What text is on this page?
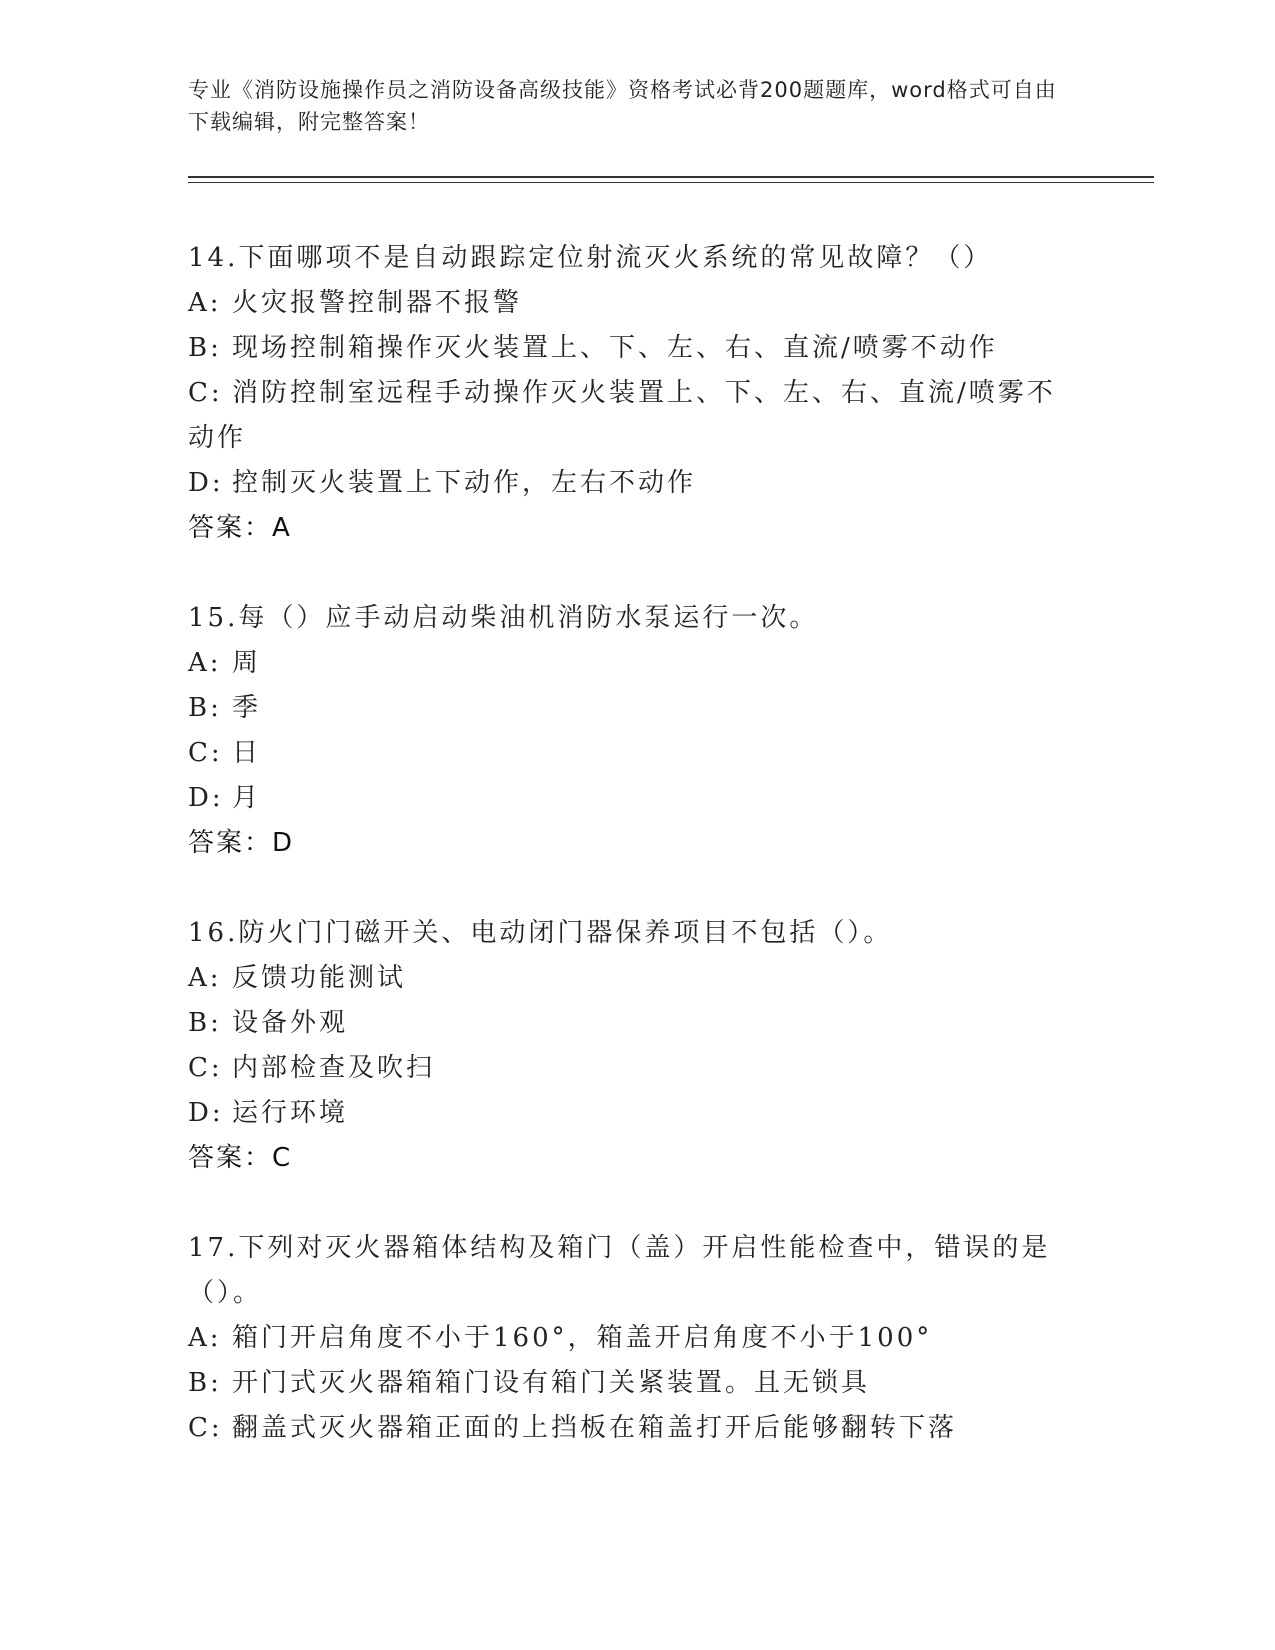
专业《消防设施操作员之消防设备高级技能》资格考试必背200题题库，word格式可自由下载编辑，附完整答案！

14.下面哪项不是自动跟踪定位射流灭火系统的常见故障？（）

A: 火灾报警控制器不报警

B: 现场控制箱操作灭火装置上、下、左、右、直流/喷雾不动作

C: 消防控制室远程手动操作灭火装置上、下、左、右、直流/喷雾不动作

D: 控制灭火装置上下动作，左右不动作

答案：A

15.每（）应手动启动柴油机消防水泵运行一次。

A: 周

B: 季

C: 日

D: 月

答案：D

16.防火门门磁开关、电动闭门器保养项目不包括（）。

A: 反馈功能测试

B: 设备外观

C: 内部检查及吹扫

D: 运行环境

答案：C

17.下列对灭火器箱体结构及箱门（盖）开启性能检查中，错误的是（）。

A: 箱门开启角度不小于160°，箱盖开启角度不小于100°

B: 开门式灭火器箱箱门设有箱门关紧装置。且无锁具

C: 翻盖式灭火器箱正面的上挡板在箱盖打开后能够翻转下落
